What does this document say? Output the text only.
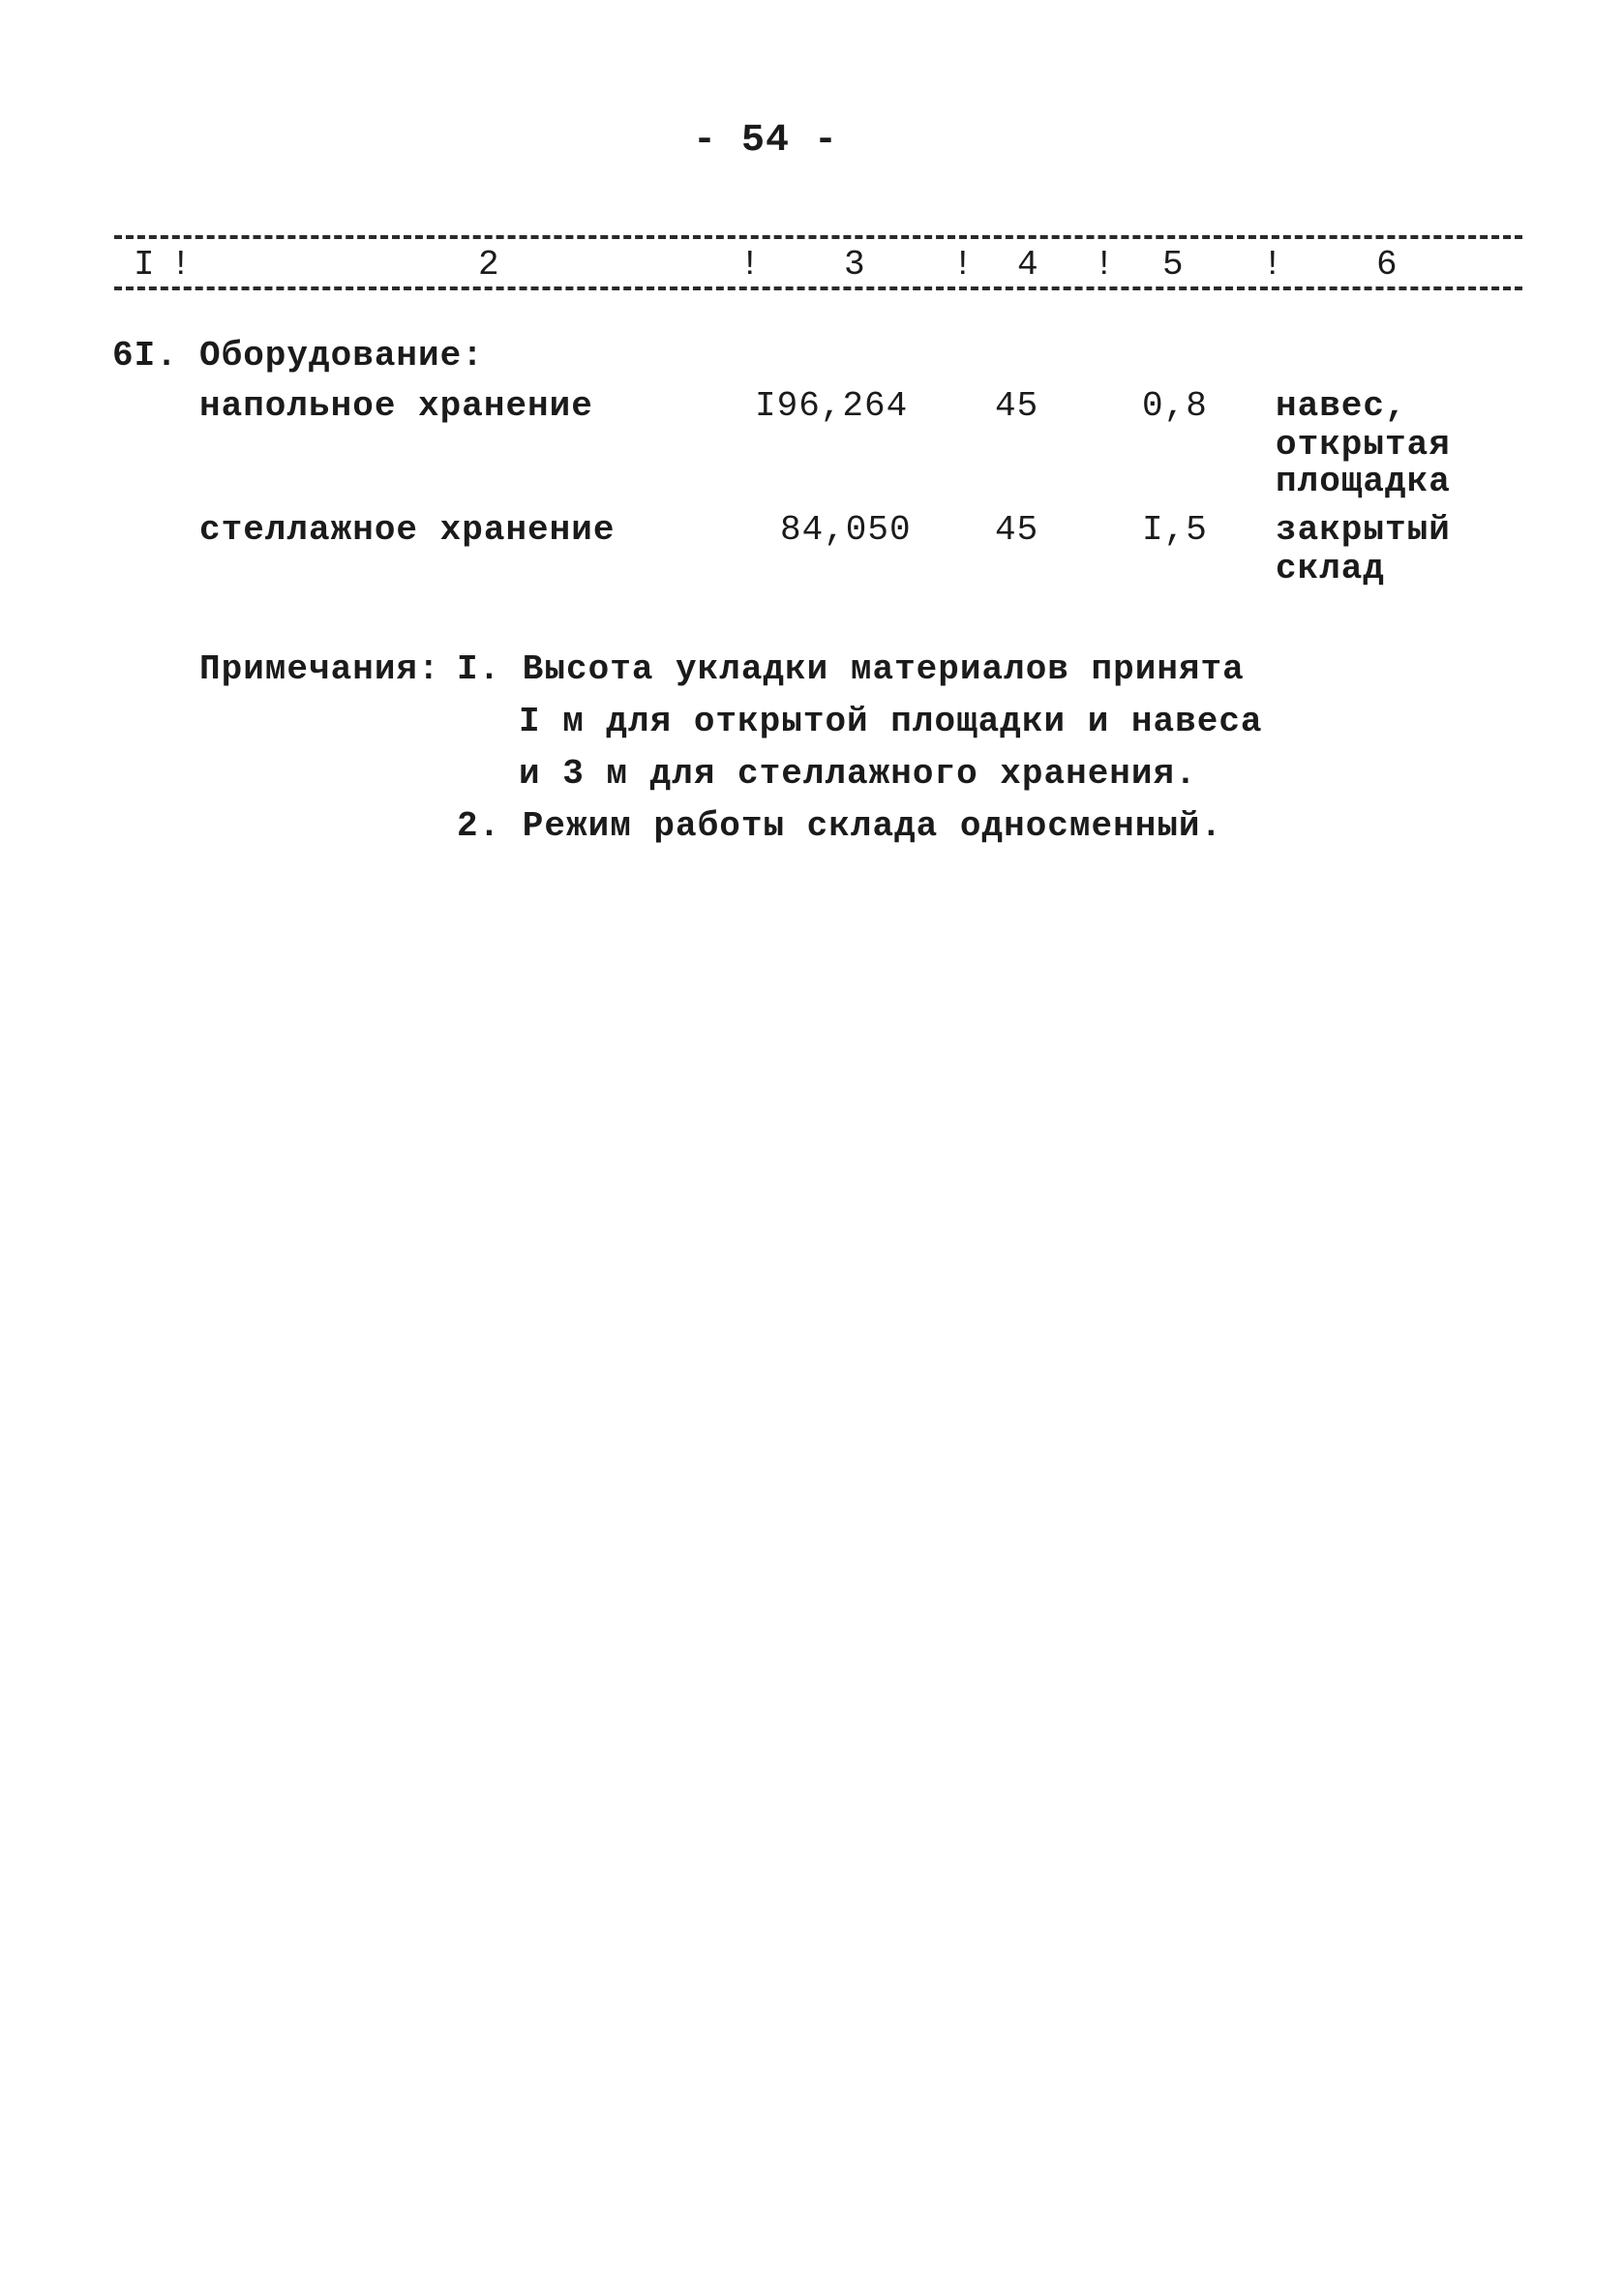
- 54 -
I	2	3	4	5	6
!	!	!	!	!
6I. Оборудование:
напольное хранение	I96,264 45	0,8 навес,
открытая
площадка
стеллажное хранение	84,050 45	I,5 закрытый
склад
Примечания: I. Высота укладки материалов принята
I м для открытой площадки и навеса
и 3 м для стеллажного хранения.
2. Режим работы склада односменный.
